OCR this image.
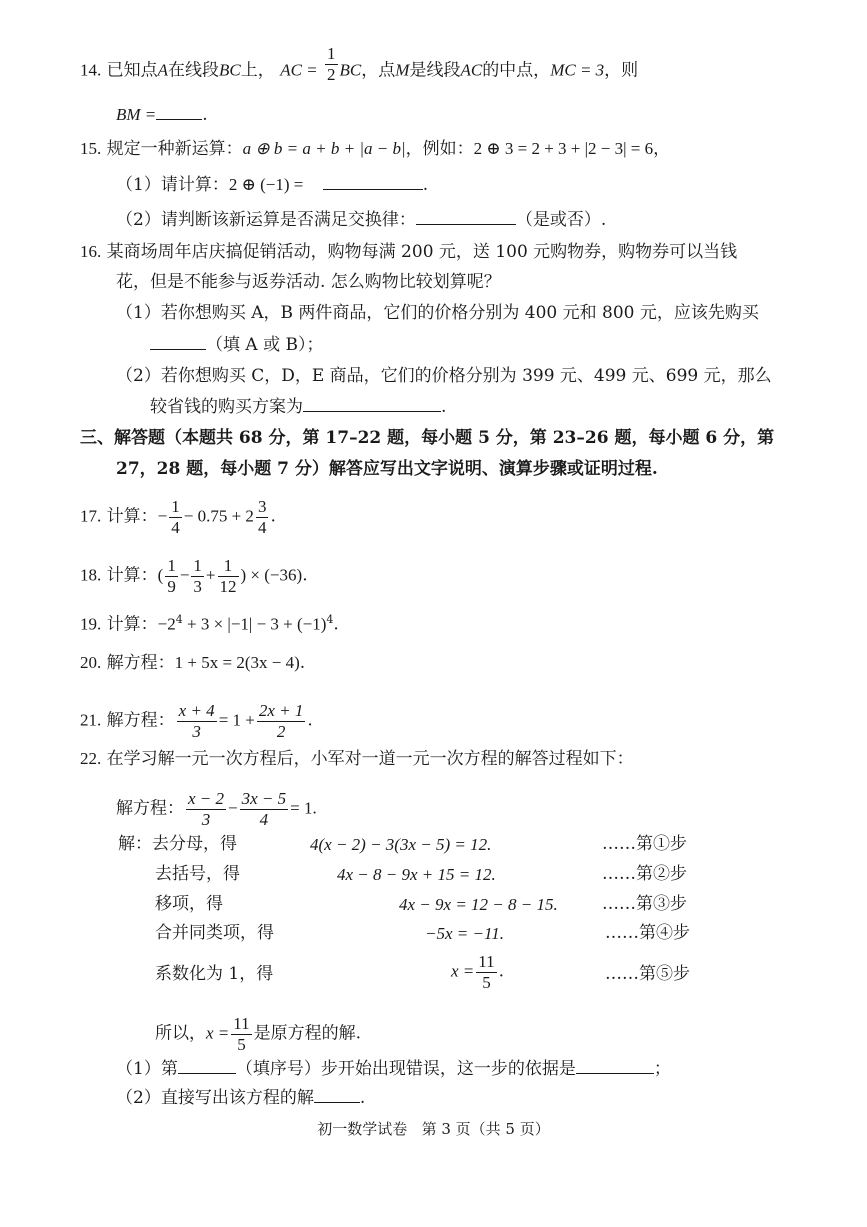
14. 已知点A在线段BC上， AC = $\frac{1}{2}$ BC，点M是线段AC的中点，MC = 3，则
BM =	.
15. 规定一种新运算：a ⊕ b = a + b + |a − b|，例如：2 ⊕ 3 = 2 + 3 + |2 − 3| = 6，
（1）请计算：2 ⊕ (−1) =	.
（2）请判断该新运算是否满足交换律：	（是或否）.
16. 某商场周年店庆搞促销活动，购物每满 200 元，送 100 元购物券，购物券可以当钱
花，但是不能参与返券活动. 怎么购物比较划算呢？
（1）若你想购买 A，B 两件商品，它们的价格分别为 400 元和 800 元，应该先购买
（填 A 或 B）；
（2）若你想购买 C，D，E 商品，它们的价格分别为 399 元、499 元、699 元，那么
较省钱的购买方案为	.
三、解答题（本题共 68 分，第 17–22 题，每小题 5 分，第 23–26 题，每小题 6 分，第
27，28 题，每小题 7 分）解答应写出文字说明、演算步骤或证明过程.
17. 计算：− $\frac{1}{4} - 0.75 + 2 \frac{3}{4}$ .
18. 计算：( $\frac{1}{9} - \frac{1}{3} + \frac{1}{12}$ ) × (−36).
19. 计算：$-2^4 + 3 \times |-1| - 3 + (-1)^4$.
20. 解方程：1 + 5x = 2(3x − 4).
21. 解方程： $\frac{x + 4}{3} = 1 + \frac{2x + 1}{2}$ .
22. 在学习解一元一次方程后，小军对一道一元一次方程的解答过程如下：
解方程： $\frac{x - 2}{3} - \frac{3x - 5}{4} = 1$.
解：去分母，得	4(x − 2) − 3(3x − 5) = 12.	……第①步
去括号，得	4x − 8 − 9x + 15 = 12.	……第②步
移项，得	4x − 9x = 12 − 8 − 15.	……第③步
合并同类项，得	−5x = −11.	……第④步
系数化为 1，得	$x = \frac{11}{5}$ .	……第⑤步
所以，$x = \frac{11}{5}$ 是原方程的解.
（1）第	（填序号）步开始出现错误，这一步的依据是	；
（2）直接写出该方程的解	.
初一数学试卷   第 3 页（共 5 页）
